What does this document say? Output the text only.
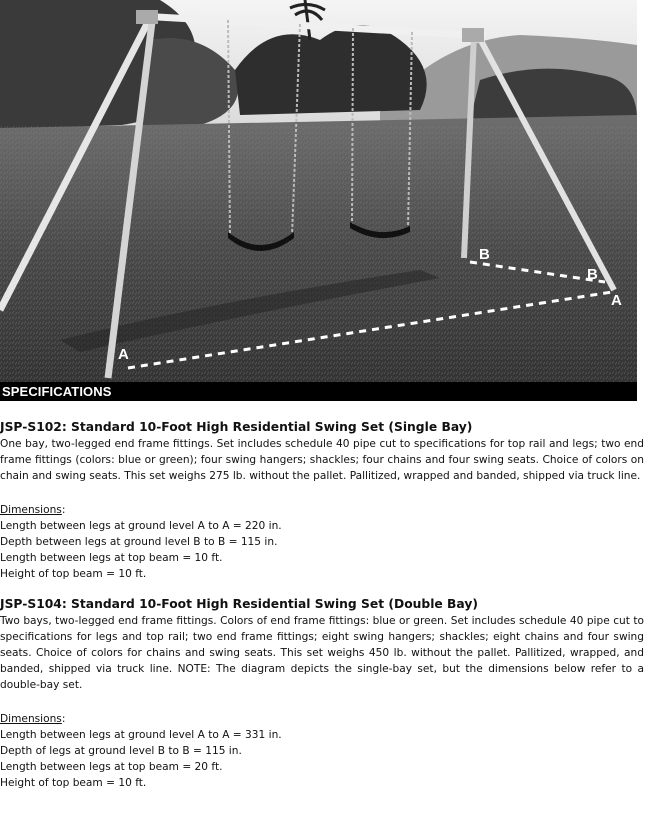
A
A
B
B
SPECIFICATIONS

JSP-S102: Standard 10-Foot High Residential Swing Set (Single Bay)

One bay, two-legged end frame fittings. Set includes schedule 40 pipe cut to specifications for top rail and legs; two end frame fittings (colors: blue or green); four swing hangers; shackles; four chains and four swing seats. Choice of colors on chain and swing seats. This set weighs 275 lb. without the pallet. Pallitized, wrapped and banded, shipped via truck line.

Dimensions:

Length between legs at ground level A to A = 220 in.

Depth between legs at ground level B to B = 115 in.

Length between legs at top beam = 10 ft.

Height of top beam = 10 ft.

JSP-S104: Standard 10-Foot High Residential Swing Set (Double Bay)

Two bays, two-legged end frame fittings. Colors of end frame fittings: blue or green. Set includes schedule 40 pipe cut to specifications for legs and top rail; two end frame fittings; eight swing hangers; shackles; eight chains and four swing seats. Choice of colors for chains and swing seats. This set weighs 450 lb. without the pallet. Pallitized, wrapped, and banded, shipped via truck line. NOTE: The diagram depicts the single-bay set, but the dimensions below refer to a double-bay set.

Dimensions:

Length between legs at ground level A to A = 331 in.

Depth of legs at ground level B to B = 115 in.

Length between legs at top beam = 20 ft.

Height of top beam = 10 ft.
